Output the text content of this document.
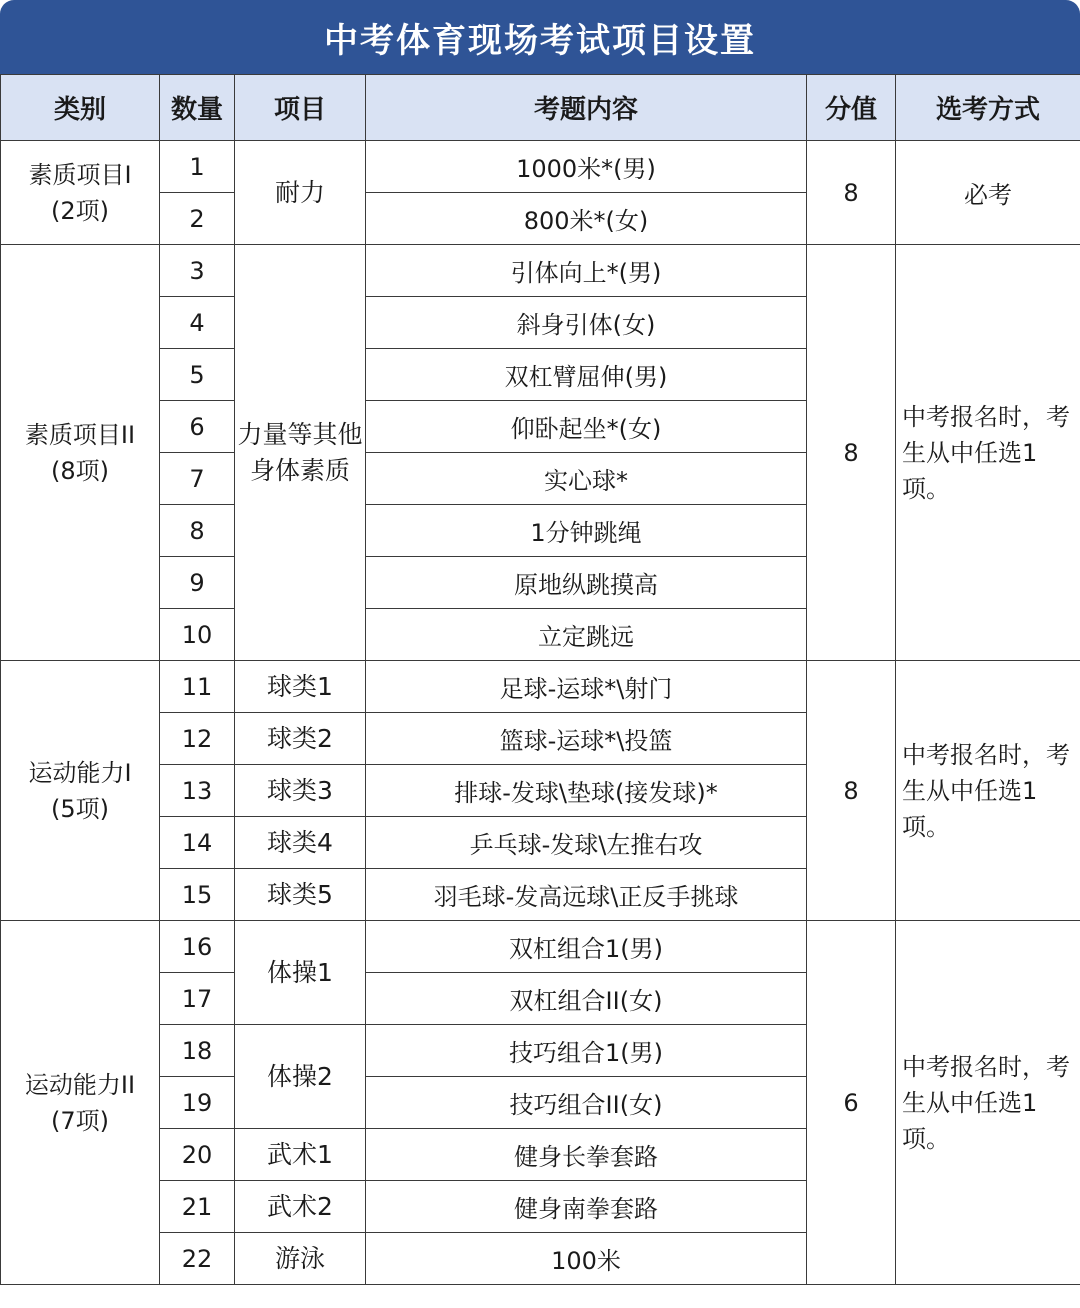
中考体育现场考试项目设置
类别	数量	项目	考题内容	分值	选考方式

素质项目I
(2项)	1	耐力	1000米*(男)	8	必考
	2		800米*(女)		

素质项目II
(8项)	3	力量等其他身体素质	引体向上*(男)	8	中考报名时，考生从中任选1项。
	4		斜身引体(女)		
	5		双杠臂屈伸(男)		
	6		仰卧起坐*(女)		
	7		实心球*		
	8		1分钟跳绳		
	9		原地纵跳摸高		
	10		立定跳远		

运动能力I
(5项)	11	球类1	足球-运球*\射门	8	中考报名时，考生从中任选1项。
	12	球类2	篮球-运球*\投篮		
	13	球类3	排球-发球\垫球(接发球)*		
	14	球类4	乒乓球-发球\左推右攻		
	15	球类5	羽毛球-发高远球\正反手挑球		

运动能力II
(7项)	16	体操1	双杠组合1(男)	6	中考报名时，考生从中任选1项。
	17		双杠组合II(女)		
	18	体操2	技巧组合1(男)		
	19		技巧组合II(女)		
	20	武术1	健身长拳套路		
	21	武术2	健身南拳套路		
	22	游泳	100米		
